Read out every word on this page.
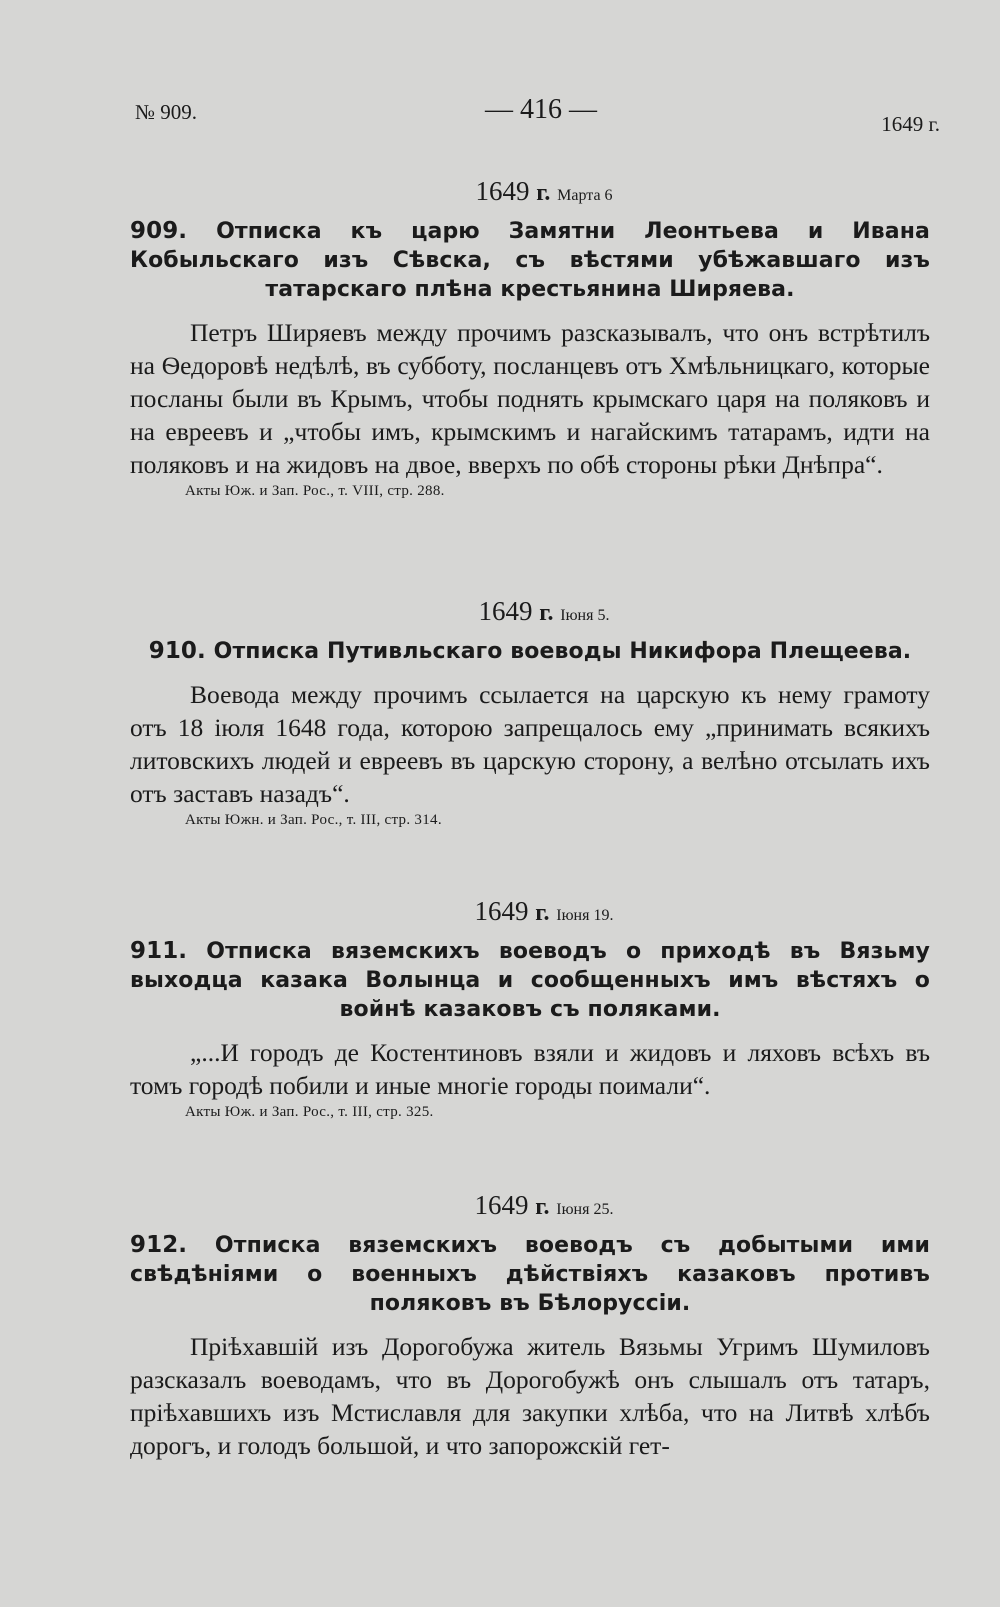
№ 909.	— 416 —	1649 г.
1649 г. Марта 6

909. Отписка къ царю Замятни Леонтьева и Ивана Кобыльскаго изъ Сѣвска, съ вѣстями убѣжавшаго изъ татарскаго плѣна крестьянина Ширяева.

Петръ Ширяевъ между прочимъ разсказывалъ, что онъ встрѣтилъ на Ѳедоровѣ недѣлѣ, въ субботу, посланцевъ отъ Хмѣльницкаго, которые посланы были въ Крымъ, чтобы поднять крымскаго царя на поляковъ и на евреевъ и „чтобы имъ, крымскимъ и нагайскимъ татарамъ, идти на поляковъ и на жидовъ на двое, вверхъ по обѣ стороны рѣки Днѣпра“.

Акты Юж. и Зап. Рос., т. VIII, стр. 288.
1649 г. Іюня 5.

910. Отписка Путивльскаго воеводы Никифора Плещеева.

Воевода между прочимъ ссылается на царскую къ нему грамоту отъ 18 іюля 1648 года, которою запрещалось ему „принимать всякихъ литовскихъ людей и евреевъ въ царскую сторону, а велѣно отсылать ихъ отъ заставъ назадъ“.

Акты Южн. и Зап. Рос., т. III, стр. 314.
1649 г. Іюня 19.

911. Отписка вяземскихъ воеводъ о приходѣ въ Вязьму выходца казака Волынца и сообщенныхъ имъ вѣстяхъ о войнѣ казаковъ съ поляками.

„...И городъ де Костентиновъ взяли и жидовъ и ляховъ всѣхъ въ томъ городѣ побили и иные многіе городы поимали“.

Акты Юж. и Зап. Рос., т. III, стр. 325.
1649 г. Іюня 25.

912. Отписка вяземскихъ воеводъ съ добытыми ими свѣдѣніями о военныхъ дѣйствіяхъ казаковъ противъ поляковъ въ Бѣлоруссіи.

Пріѣхавшій изъ Дорогобужа житель Вязьмы Угримъ Шумиловъ разсказалъ воеводамъ, что въ Дорогобужѣ онъ слышалъ отъ татаръ, пріѣхавшихъ изъ Мстиславля для закупки хлѣба, что на Литвѣ хлѣбъ дорогъ, и голодъ большой, и что запорожскій гет-
